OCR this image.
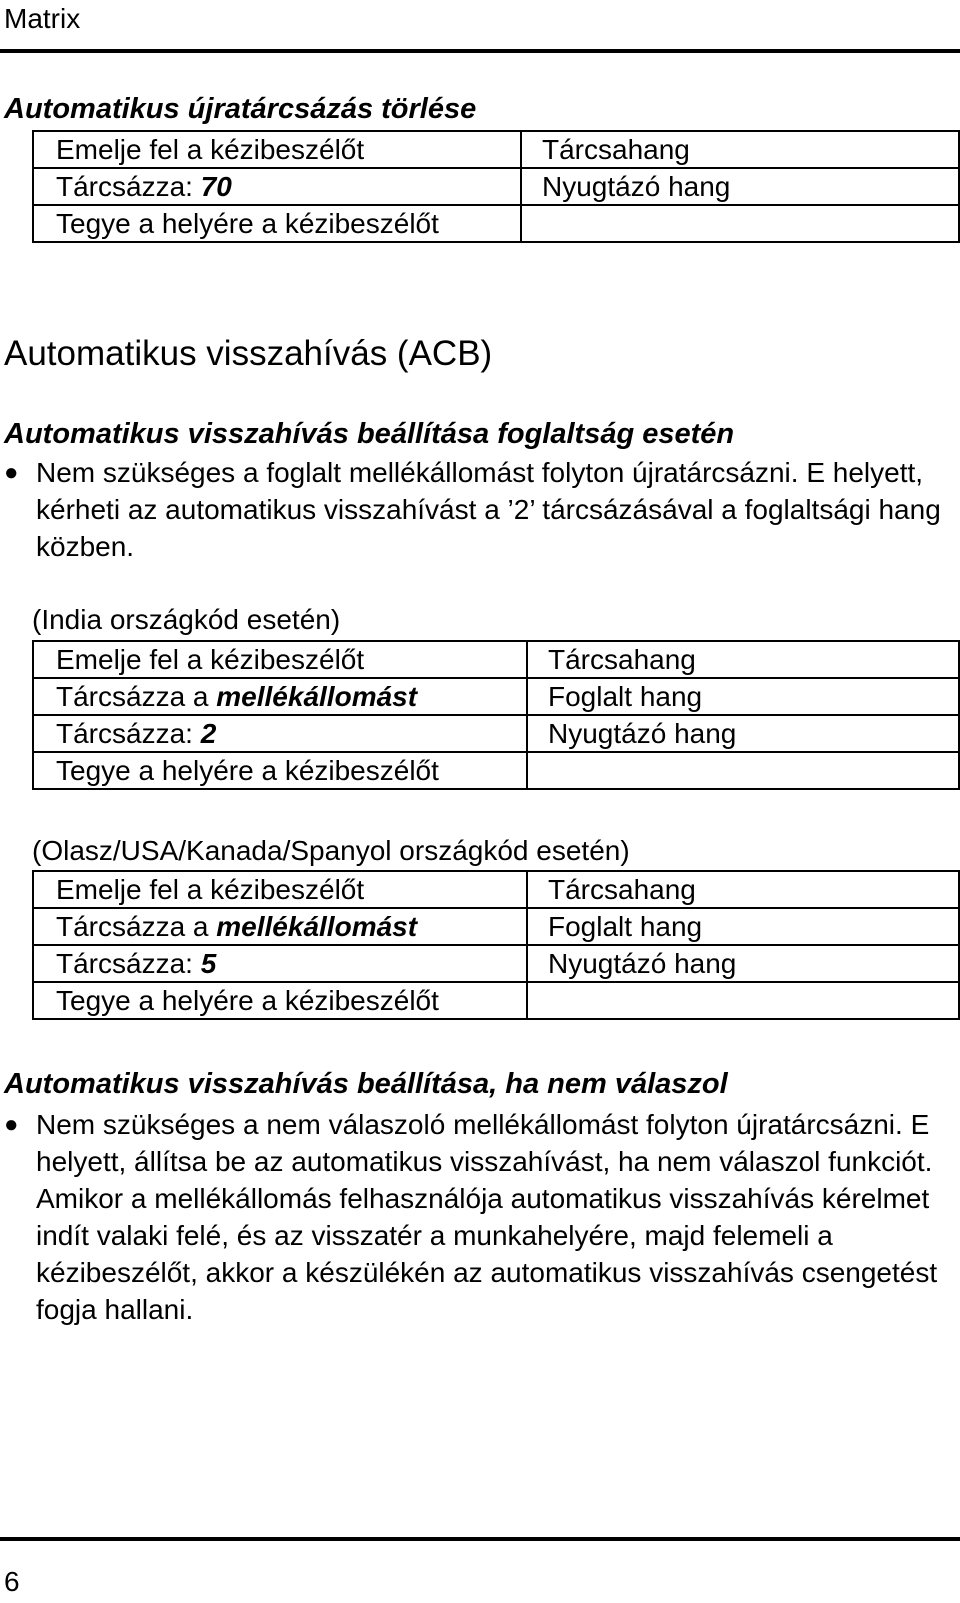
Matrix
Automatikus újratárcsázás törlése
Emelje fel a kézibeszélőt	Tárcsahang
Tárcsázza: 70	Nyugtázó hang
Tegye a helyére a kézibeszélőt	
Automatikus visszahívás (ACB)
Automatikus visszahívás beállítása foglaltság esetén
● Nem szükséges a foglalt mellékállomást folyton újratárcsázni. E helyett, kérheti az automatikus visszahívást a ’2’ tárcsázásával a foglaltsági hang közben.
(India országkód esetén)
Emelje fel a kézibeszélőt	Tárcsahang
Tárcsázza a mellékállomást	Foglalt hang
Tárcsázza: 2	Nyugtázó hang
Tegye a helyére a kézibeszélőt	
(Olasz/USA/Kanada/Spanyol országkód esetén)
Emelje fel a kézibeszélőt	Tárcsahang
Tárcsázza a mellékállomást	Foglalt hang
Tárcsázza: 5	Nyugtázó hang
Tegye a helyére a kézibeszélőt	
Automatikus visszahívás beállítása, ha nem válaszol
● Nem szükséges a nem válaszoló mellékállomást folyton újratárcsázni. E helyett, állítsa be az automatikus visszahívást, ha nem válaszol funkciót. Amikor a mellékállomás felhasználója automatikus visszahívás kérelmet indít valaki felé, és az visszatér a munkahelyére, majd felemeli a kézibeszélőt, akkor a készülékén az automatikus visszahívás csengetést fogja hallani.
6
